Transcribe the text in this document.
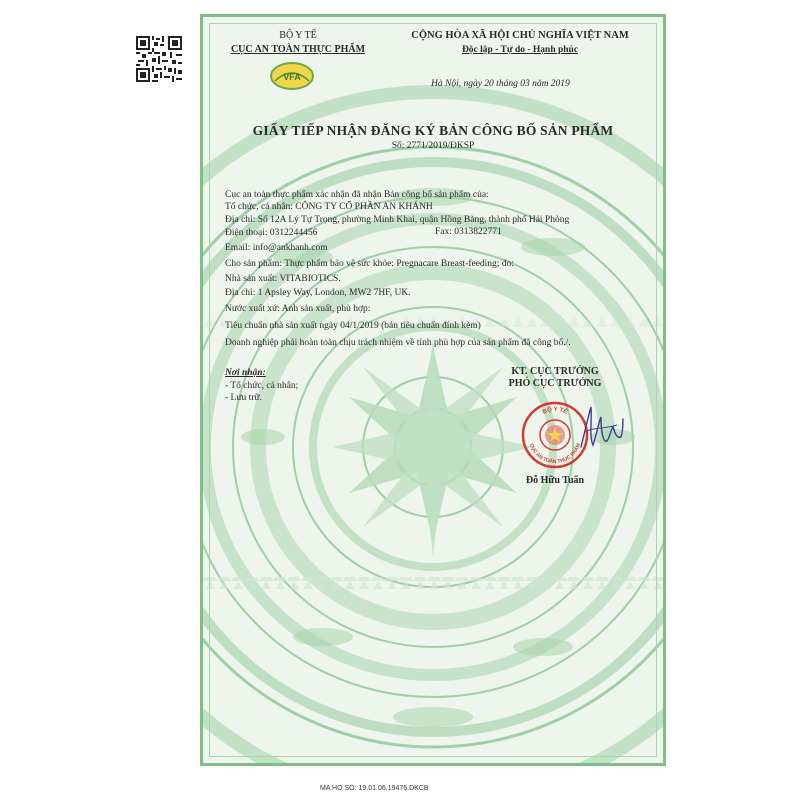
BỘ Y TẾ
CỤC AN TOÀN THỰC PHẨM
VFA
CỘNG HÒA XÃ HỘI CHỦ NGHĨA VIỆT NAM
Độc lập - Tự do - Hạnh phúc
Hà Nội, ngày 20 tháng 03 năm 2019
GIẤY TIẾP NHẬN ĐĂNG KÝ BẢN CÔNG BỐ SẢN PHẨM
Số: 2771/2019/ĐKSP
Cục an toàn thực phẩm xác nhận đã nhận Bản công bố sản phẩm của:
Tổ chức, cá nhân: CÔNG TY CỔ PHẦN AN KHÁNH
Địa chỉ: Số 12A Lý Tự Trọng, phường Minh Khai, quận Hồng Bàng, thành phố Hải Phòng
Điện thoại: 0312244456	Fax: 0313822771
Email: info@ankhanh.com
Cho sản phẩm: Thực phẩm bảo vệ sức khỏe: Pregnacare Breast-feeding; do:
Nhà sản xuất: VITABIOTICS.
Địa chỉ: 1 Apsley Way, London, MW2 7HF, UK.
Nước xuất xứ: Anh sản xuất, phù hợp:
Tiêu chuẩn nhà sản xuất ngày 04/1/2019 (bản tiêu chuẩn đính kèm)
Doanh nghiệp phải hoàn toàn chịu trách nhiệm về tính phù hợp của sản phẩm đã công bố./.
Nơi nhận:
- Tổ chức, cá nhân;
- Lưu trữ.
KT. CỤC TRƯỞNG
PHÓ CỤC TRƯỞNG
BỘ Y TẾ
CỤC AN TOÀN THỰC PHẨM
Đỗ Hữu Tuấn
MA HO SO: 19.01.06.19476.DKCB
